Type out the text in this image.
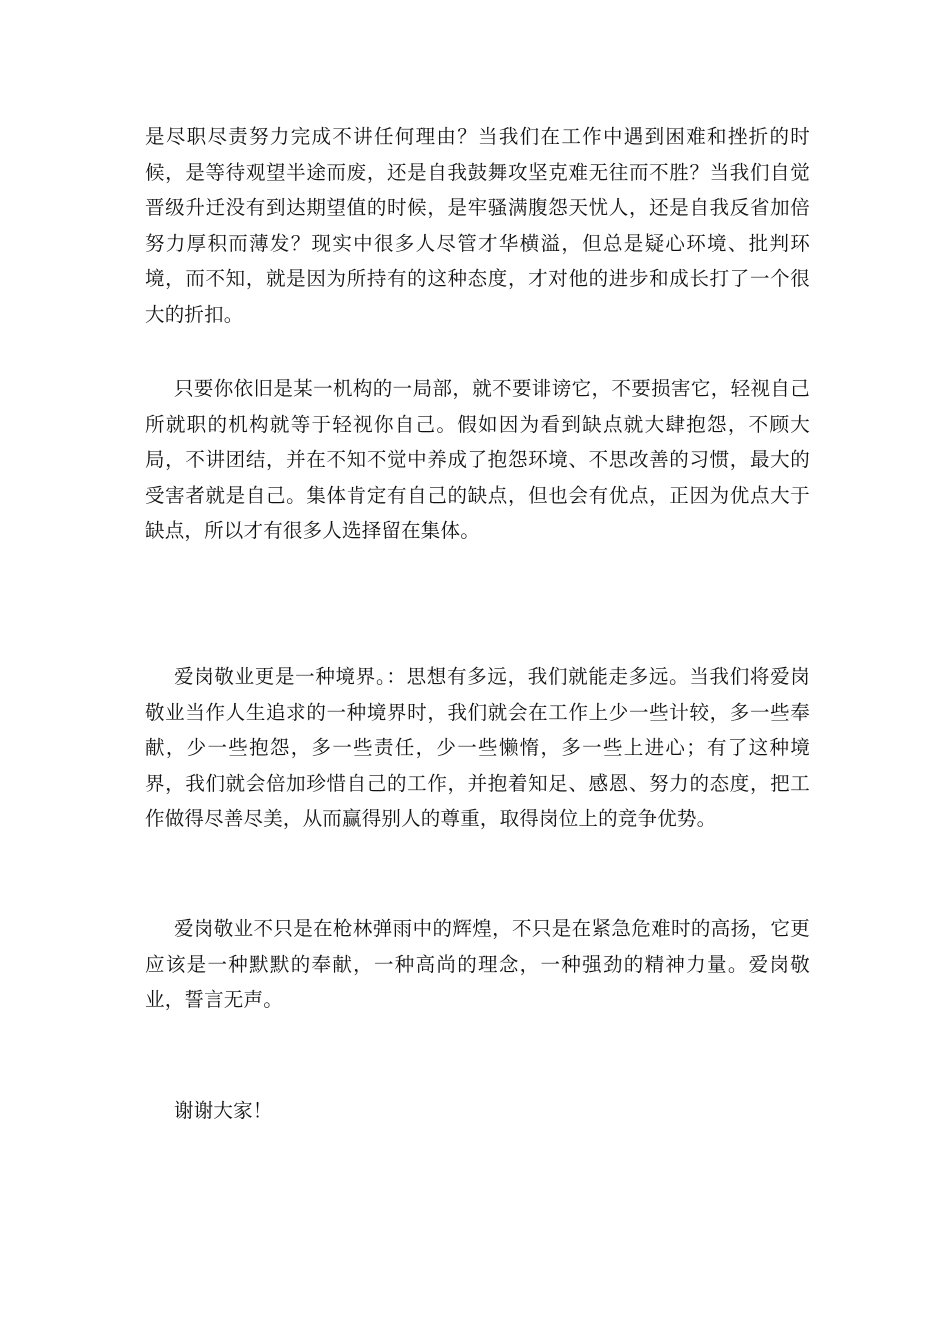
是尽职尽责努力完成不讲任何理由？当我们在工作中遇到困难和挫折的时候，是等待观望半途而废，还是自我鼓舞攻坚克难无往而不胜？当我们自觉晋级升迁没有到达期望值的时候，是牢骚满腹怨天忧人，还是自我反省加倍努力厚积而薄发？现实中很多人尽管才华横溢，但总是疑心环境、批判环境，而不知，就是因为所持有的这种态度，才对他的进步和成长打了一个很大的折扣。

只要你依旧是某一机构的一局部，就不要诽谤它，不要损害它，轻视自己所就职的机构就等于轻视你自己。假如因为看到缺点就大肆抱怨，不顾大局，不讲团结，并在不知不觉中养成了抱怨环境、不思改善的习惯，最大的受害者就是自己。集体肯定有自己的缺点，但也会有优点，正因为优点大于缺点，所以才有很多人选择留在集体。

爱岗敬业更是一种境界。：思想有多远，我们就能走多远。当我们将爱岗敬业当作人生追求的一种境界时，我们就会在工作上少一些计较，多一些奉献，少一些抱怨，多一些责任，少一些懒惰，多一些上进心；有了这种境界，我们就会倍加珍惜自己的工作，并抱着知足、感恩、努力的态度，把工作做得尽善尽美，从而赢得别人的尊重，取得岗位上的竞争优势。

爱岗敬业不只是在枪林弹雨中的辉煌，不只是在紧急危难时的高扬，它更应该是一种默默的奉献，一种高尚的理念，一种强劲的精神力量。爱岗敬业，誓言无声。

谢谢大家！
